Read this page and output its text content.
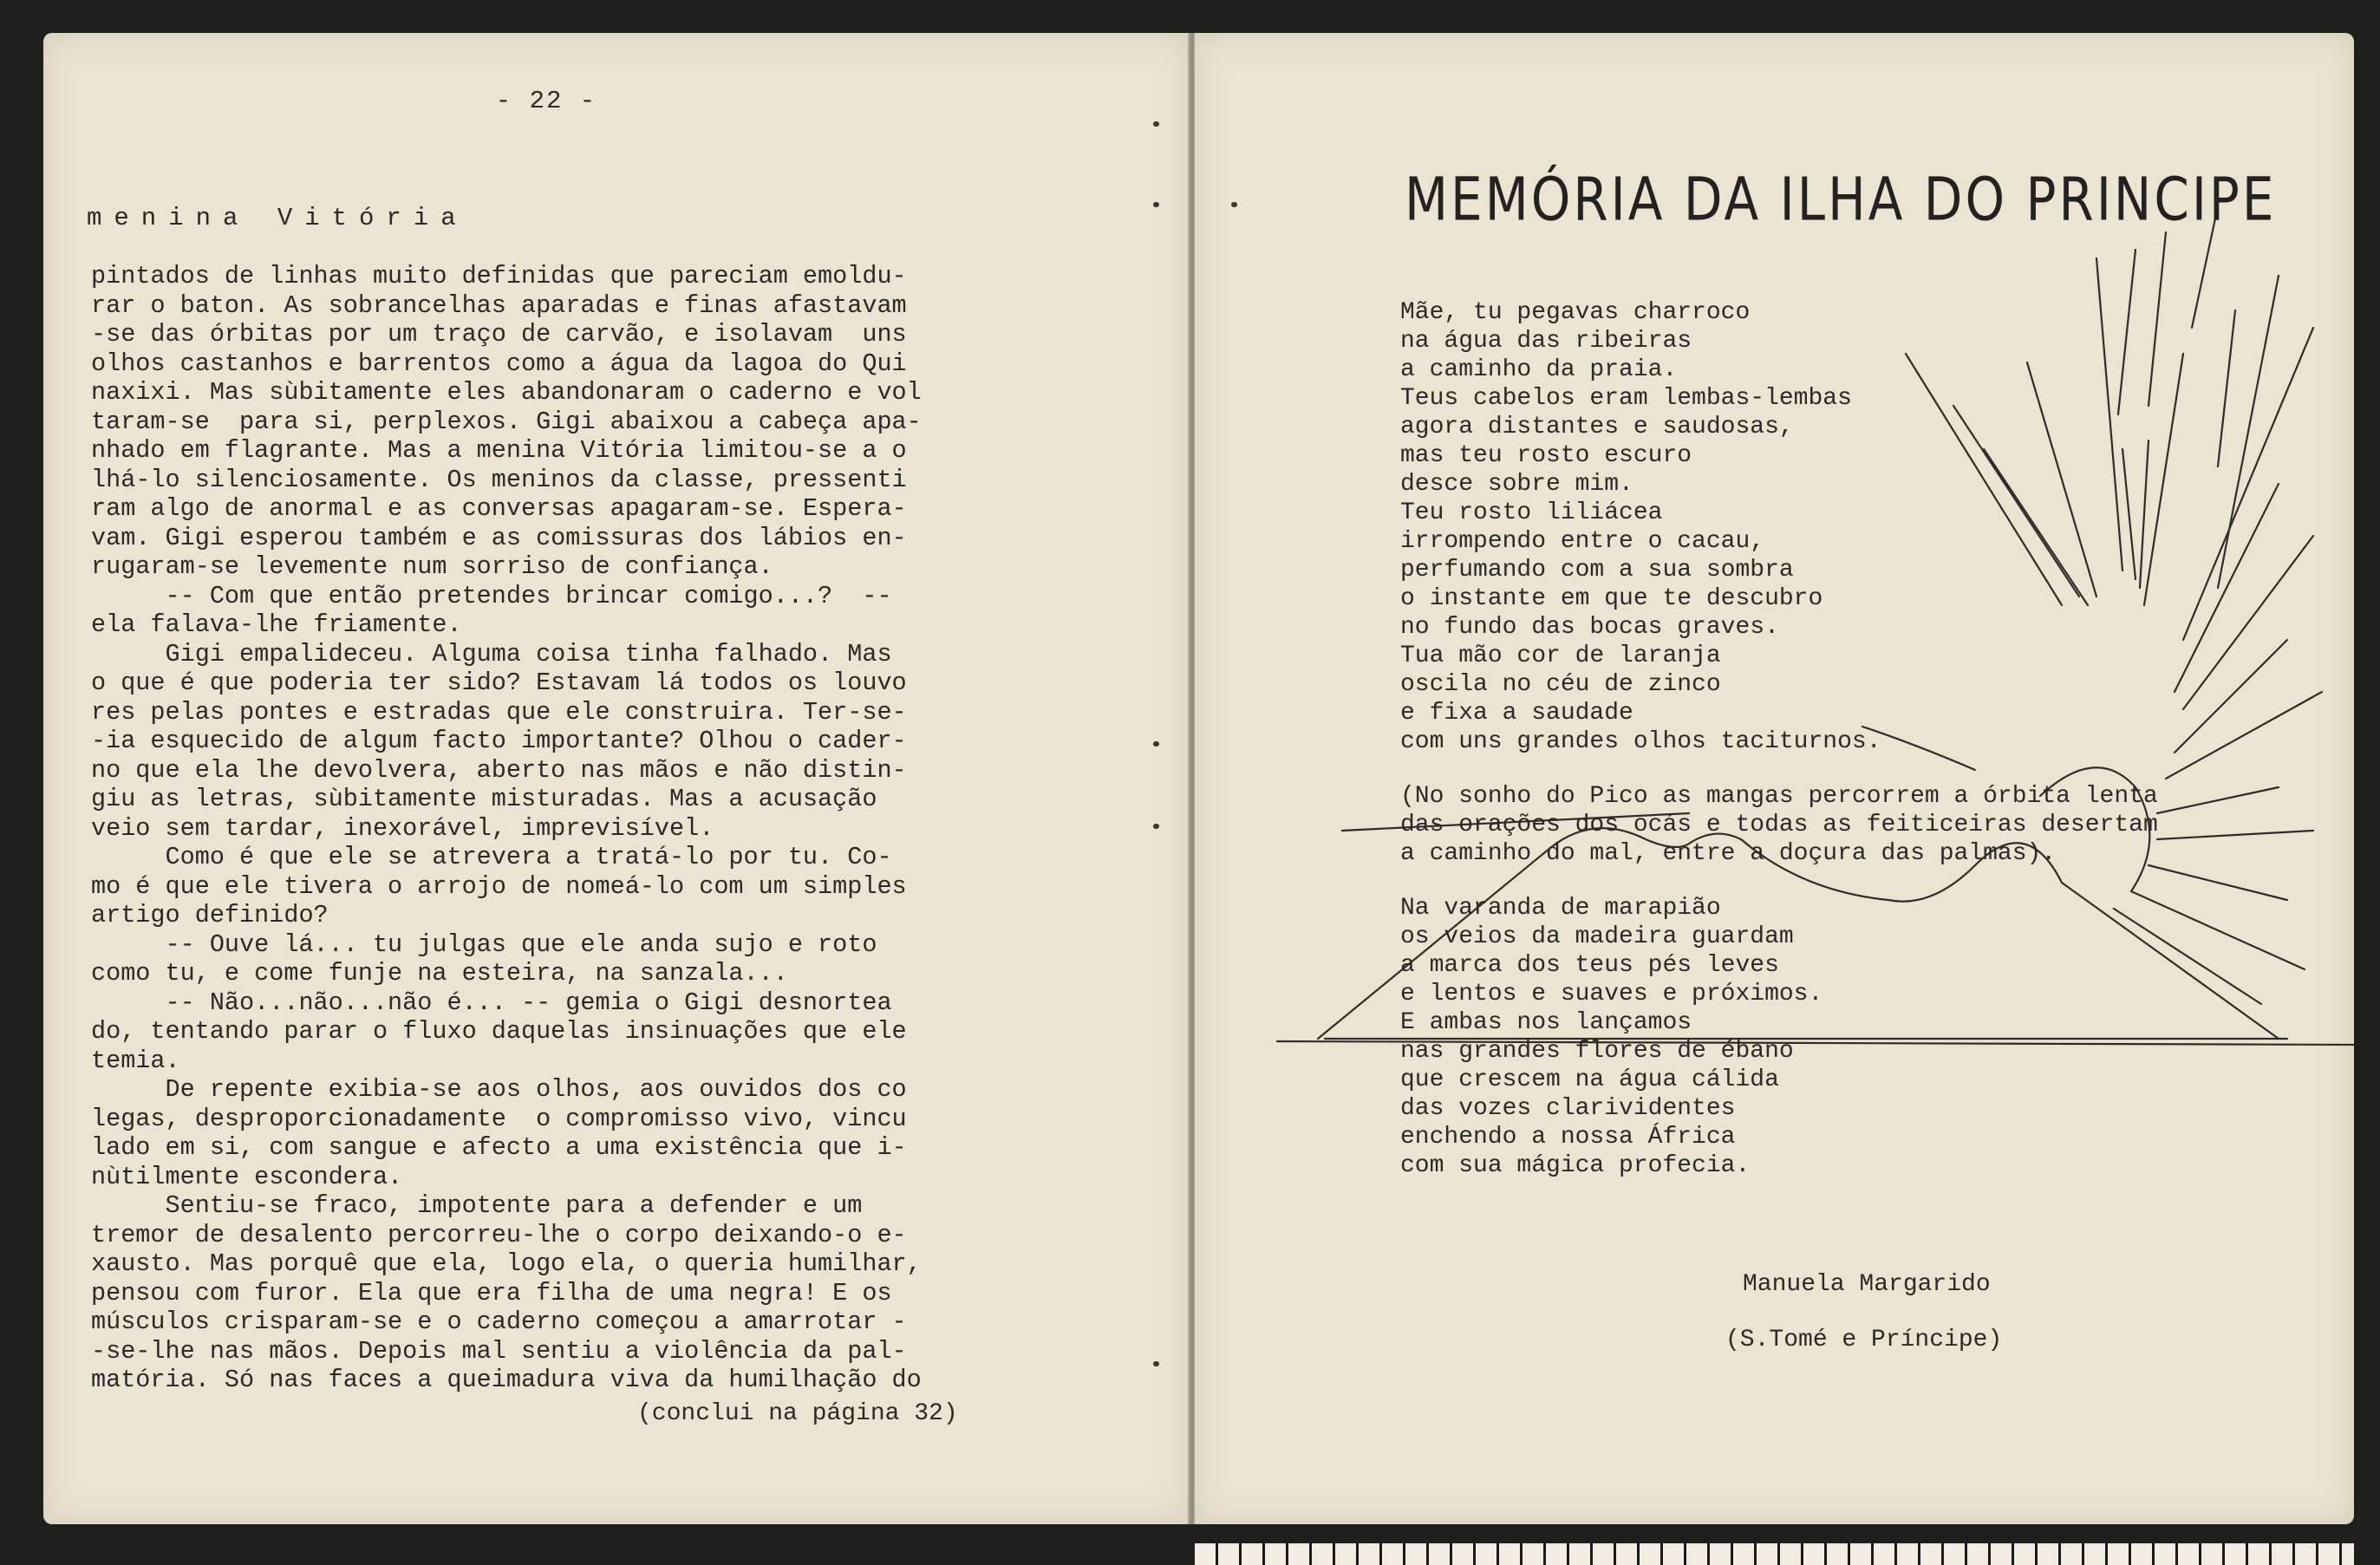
- 22 -
menina Vitória
pintados de linhas muito definidas que pareciam emoldu-
rar o baton. As sobrancelhas aparadas e finas afastavam
-se das órbitas por um traço de carvão, e isolavam  uns
olhos castanhos e barrentos como a água da lagoa do Qui
naxixi. Mas sùbitamente eles abandonaram o caderno e vol
taram-se  para si, perplexos. Gigi abaixou a cabeça apa-
nhado em flagrante. Mas a menina Vitória limitou-se a o
lhá-lo silenciosamente. Os meninos da classe, pressenti
ram algo de anormal e as conversas apagaram-se. Espera-
vam. Gigi esperou também e as comissuras dos lábios en-
rugaram-se levemente num sorriso de confiança.
-- Com que então pretendes brincar comigo...?  --
ela falava-lhe friamente.
Gigi empalideceu. Alguma coisa tinha falhado. Mas
o que é que poderia ter sido? Estavam lá todos os louvo
res pelas pontes e estradas que ele construira. Ter-se-
-ia esquecido de algum facto importante? Olhou o cader-
no que ela lhe devolvera, aberto nas mãos e não distin-
giu as letras, sùbitamente misturadas. Mas a acusação
veio sem tardar, inexorável, imprevisível.
Como é que ele se atrevera a tratá-lo por tu. Co-
mo é que ele tivera o arrojo de nomeá-lo com um simples
artigo definido?
-- Ouve lá... tu julgas que ele anda sujo e roto
como tu, e come funje na esteira, na sanzala...
-- Não...não...não é... -- gemia o Gigi desnortea
do, tentando parar o fluxo daquelas insinuações que ele
temia.
De repente exibia-se aos olhos, aos ouvidos dos co
legas, desproporcionadamente  o compromisso vivo, vincu
lado em si, com sangue e afecto a uma existência que i-
nùtilmente escondera.
Sentiu-se fraco, impotente para a defender e um
tremor de desalento percorreu-lhe o corpo deixando-o e-
xausto. Mas porquê que ela, logo ela, o queria humilhar,
pensou com furor. Ela que era filha de uma negra! E os
músculos crisparam-se e o caderno começou a amarrotar -
-se-lhe nas mãos. Depois mal sentiu a violência da pal-
matória. Só nas faces a queimadura viva da humilhação do
(conclui na página 32)
MEMÓRIA DA ILHA DO PRINCIPE
Mãe, tu pegavas charroco
na água das ribeiras
a caminho da praia.
Teus cabelos eram lembas-lembas
agora distantes e saudosas,
mas teu rosto escuro
desce sobre mim.
Teu rosto liliácea
irrompendo entre o cacau,
perfumando com a sua sombra
o instante em que te descubro
no fundo das bocas graves.
Tua mão cor de laranja
oscila no céu de zinco
e fixa a saudade
com uns grandes olhos taciturnos.
(No sonho do Pico as mangas percorrem a órbita lenta
das orações dos ocás e todas as feiticeiras desertam
a caminho do mal, entre a doçura das palmas).
Na varanda de marapião
os veios da madeira guardam
a marca dos teus pés leves
e lentos e suaves e próximos.
E ambas nos lançamos
nas grandes flores de ébano
que crescem na água cálida
das vozes clarividentes
enchendo a nossa África
com sua mágica profecia.
Manuela Margarido
(S.Tomé e Príncipe)
